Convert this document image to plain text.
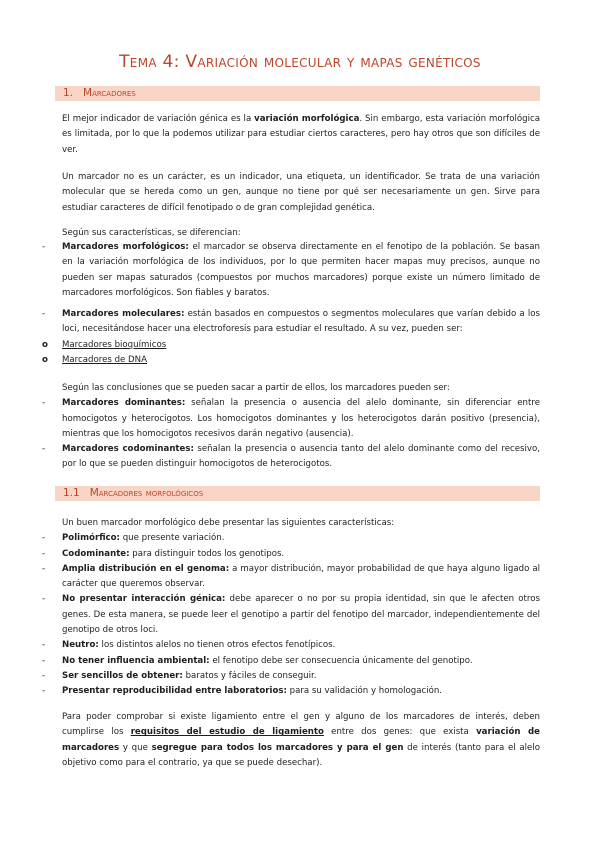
Tema 4: Variación molecular y mapas genéticos
1. Marcadores

El mejor indicador de variación génica es la variación morfológica. Sin embargo, esta variación morfológica es limitada, por lo que la podemos utilizar para estudiar ciertos caracteres, pero hay otros que son difíciles de ver.

Un marcador no es un carácter, es un indicador, una etiqueta, un identificador. Se trata de una variación molecular que se hereda como un gen, aunque no tiene por qué ser necesariamente un gen. Sirve para estudiar caracteres de difícil fenotipado o de gran complejidad genética.

Según sus características, se diferencian:

- Marcadores morfológicos: el marcador se observa directamente en el fenotipo de la población. Se basan en la variación morfológica de los individuos, por lo que permiten hacer mapas muy precisos, aunque no pueden ser mapas saturados (compuestos por muchos marcadores) porque existe un número limitado de marcadores morfológicos. Son fiables y baratos.
- Marcadores moleculares: están basados en compuestos o segmentos moleculares que varían debido a los loci, necesitándose hacer una electroforesis para estudiar el resultado. A su vez, pueden ser:
o Marcadores bioquímicos
o Marcadores de DNA

Según las conclusiones que se pueden sacar a partir de ellos, los marcadores pueden ser:

- Marcadores dominantes: señalan la presencia o ausencia del alelo dominante, sin diferenciar entre homocigotos y heterocigotos. Los homocigotos dominantes y los heterocigotos darán positivo (presencia), mientras que los homocigotos recesivos darán negativo (ausencia).
- Marcadores codominantes: señalan la presencia o ausencia tanto del alelo dominante como del recesivo, por lo que se pueden distinguir homocigotos de heterocigotos.
1.1 Marcadores morfológicos

Un buen marcador morfológico debe presentar las siguientes características:

- Polimórfico: que presente variación.
- Codominante: para distinguir todos los genotipos.
- Amplia distribución en el genoma: a mayor distribución, mayor probabilidad de que haya alguno ligado al carácter que queremos observar.
- No presentar interacción génica: debe aparecer o no por su propia identidad, sin que le afecten otros genes. De esta manera, se puede leer el genotipo a partir del fenotipo del marcador, independientemente del genotipo de otros loci.
- Neutro: los distintos alelos no tienen otros efectos fenotípicos.
- No tener influencia ambiental: el fenotipo debe ser consecuencia únicamente del genotipo.
- Ser sencillos de obtener: baratos y fáciles de conseguir.
- Presentar reproducibilidad entre laboratorios: para su validación y homologación.

Para poder comprobar si existe ligamiento entre el gen y alguno de los marcadores de interés, deben cumplirse los requisitos del estudio de ligamiento entre dos genes: que exista variación de marcadores y que segregue para todos los marcadores y para el gen de interés (tanto para el alelo objetivo como para el contrario, ya que se puede desechar).
